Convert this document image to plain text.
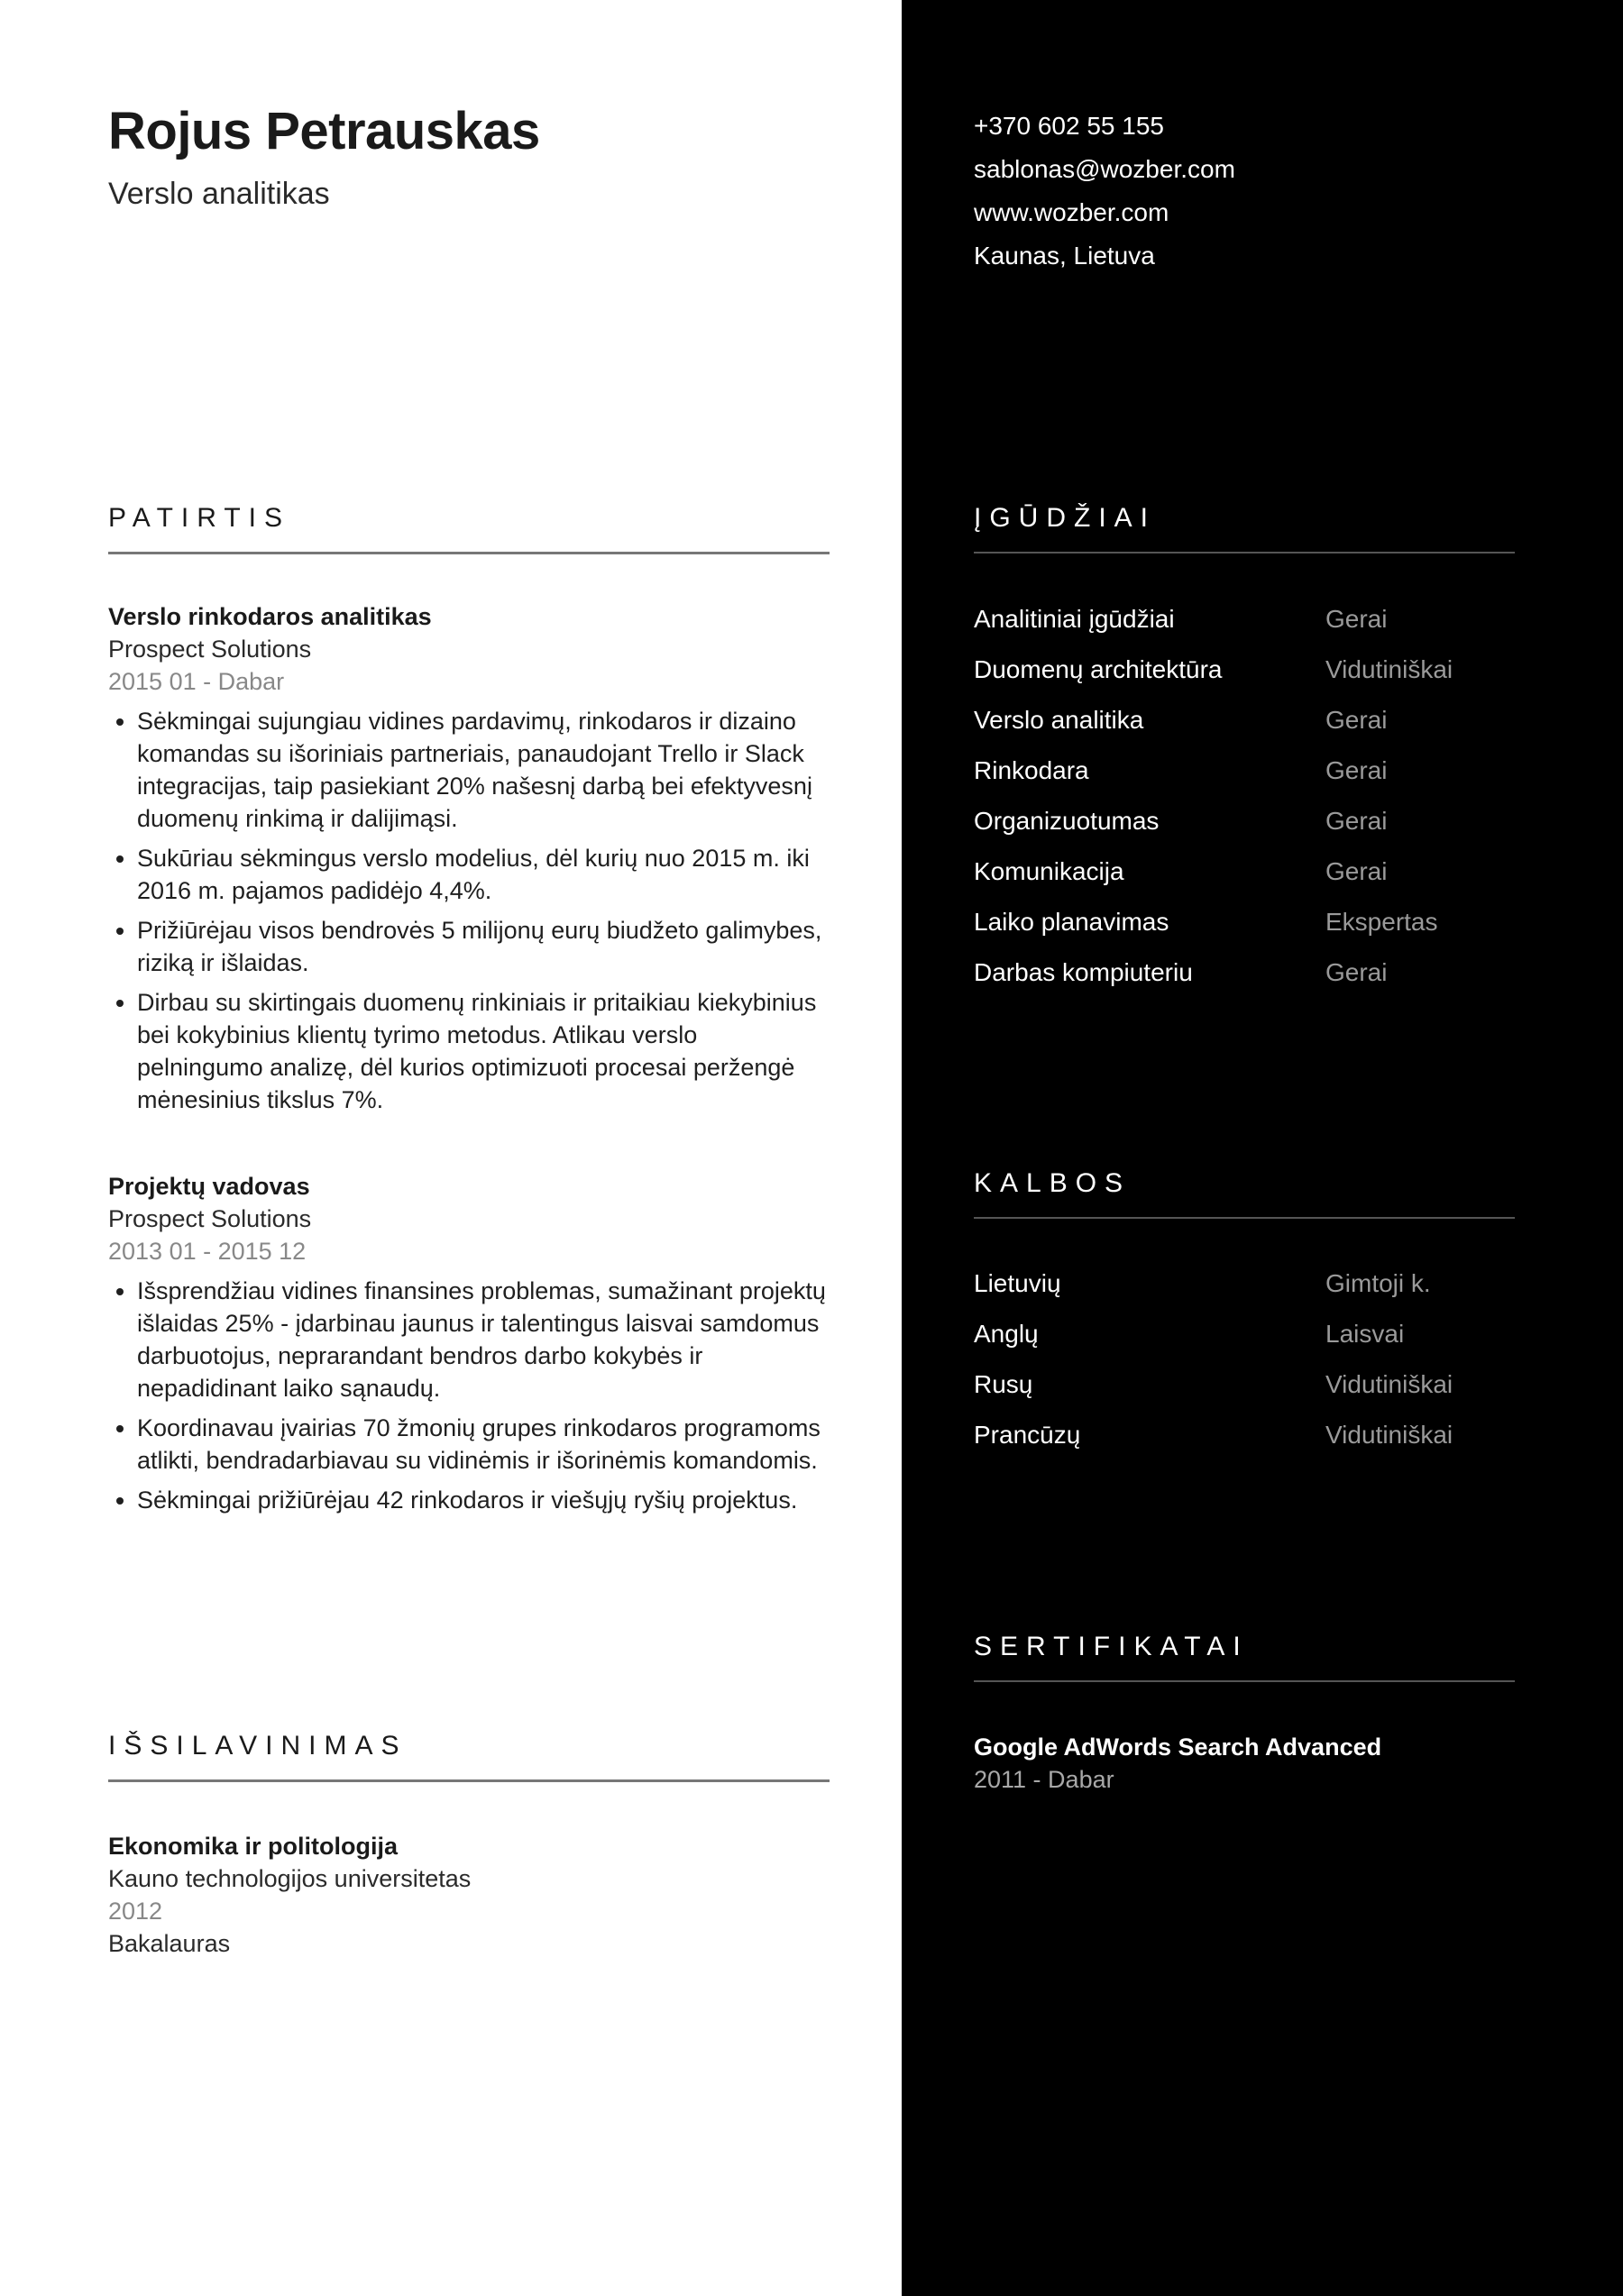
Rojus Petrauskas

Verslo analitikas

PATIRTIS
Verslo rinkodaros analitikas
Prospect Solutions
2015 01 - Dabar
• Sėkmingai sujungiau vidines pardavimų, rinkodaros ir dizaino komandas su išoriniais partneriais, panaudojant Trello ir Slack integracijas, taip pasiekiant 20% našesnį darbą bei efektyvesnį duomenų rinkimą ir dalijimąsi.
• Sukūriau sėkmingus verslo modelius, dėl kurių nuo 2015 m. iki 2016 m. pajamos padidėjo 4,4%.
• Prižiūrėjau visos bendrovės 5 milijonų eurų biudžeto galimybes, riziką ir išlaidas.
• Dirbau su skirtingais duomenų rinkiniais ir pritaikiau kiekybinius bei kokybinius klientų tyrimo metodus. Atlikau verslo pelningumo analizę, dėl kurios optimizuoti procesai peržengė mėnesinius tikslus 7%.
Projektų vadovas
Prospect Solutions
2013 01 - 2015 12
• Išsprendžiau vidines finansines problemas, sumažinant projektų išlaidas 25% - įdarbinau jaunus ir talentingus laisvai samdomus darbuotojus, neprarandant bendros darbo kokybės ir nepadidinant laiko sąnaudų.
• Koordinavau įvairias 70 žmonių grupes rinkodaros programoms atlikti, bendradarbiavau su vidinėmis ir išorinėmis komandomis.
• Sėkmingai prižiūrėjau 42 rinkodaros ir viešųjų ryšių projektus.
IŠSILAVINIMAS
Ekonomika ir politologija
Kauno technologijos universitetas
2012
Bakalauras
+370 602 55 155
sablonas@wozber.com
www.wozber.com
Kaunas, Lietuva
ĮGŪDŽIAI
Analitiniai įgūdžiai	Gerai
Duomenų architektūra	Vidutiniškai
Verslo analitika	Gerai
Rinkodara	Gerai
Organizuotumas	Gerai
Komunikacija	Gerai
Laiko planavimas	Ekspertas
Darbas kompiuteriu	Gerai
KALBOS
Lietuvių	Gimtoji k.
Anglų	Laisvai
Rusų	Vidutiniškai
Prancūzų	Vidutiniškai
SERTIFIKATAI
Google AdWords Search Advanced
2011 - Dabar
